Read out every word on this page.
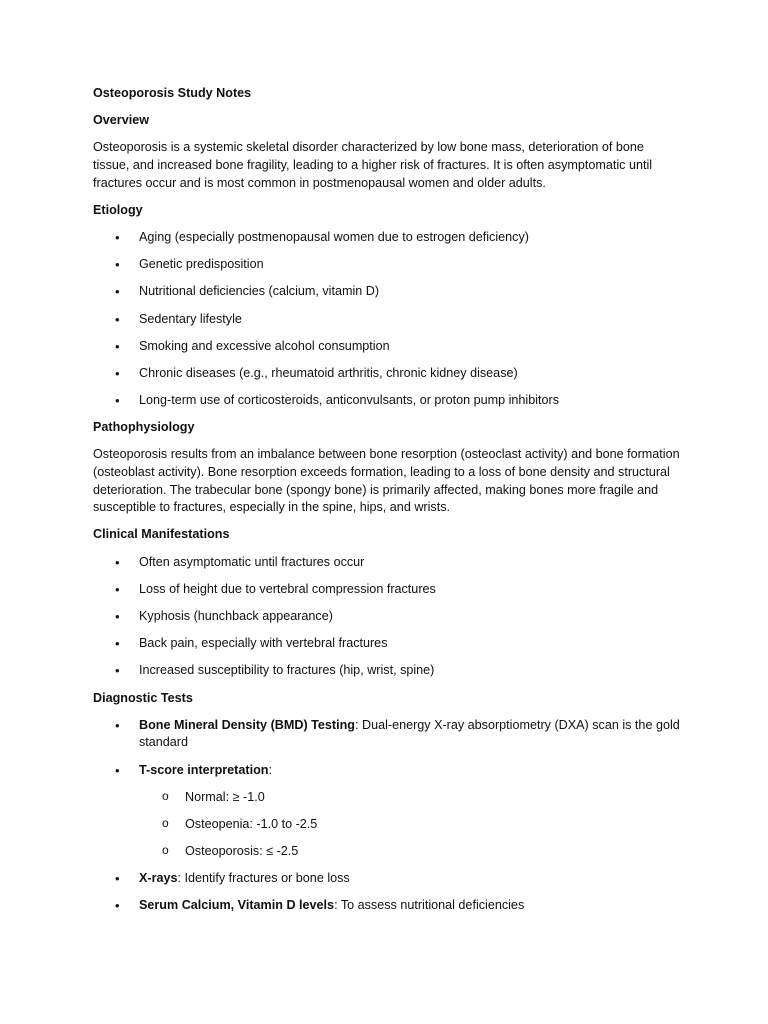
Osteoporosis Study Notes
Overview
Osteoporosis is a systemic skeletal disorder characterized by low bone mass, deterioration of bone tissue, and increased bone fragility, leading to a higher risk of fractures. It is often asymptomatic until fractures occur and is most common in postmenopausal women and older adults.
Etiology
• Aging (especially postmenopausal women due to estrogen deficiency)
• Genetic predisposition
• Nutritional deficiencies (calcium, vitamin D)
• Sedentary lifestyle
• Smoking and excessive alcohol consumption
• Chronic diseases (e.g., rheumatoid arthritis, chronic kidney disease)
• Long-term use of corticosteroids, anticonvulsants, or proton pump inhibitors
Pathophysiology
Osteoporosis results from an imbalance between bone resorption (osteoclast activity) and bone formation (osteoblast activity). Bone resorption exceeds formation, leading to a loss of bone density and structural deterioration. The trabecular bone (spongy bone) is primarily affected, making bones more fragile and susceptible to fractures, especially in the spine, hips, and wrists.
Clinical Manifestations
• Often asymptomatic until fractures occur
• Loss of height due to vertebral compression fractures
• Kyphosis (hunchback appearance)
• Back pain, especially with vertebral fractures
• Increased susceptibility to fractures (hip, wrist, spine)
Diagnostic Tests
• Bone Mineral Density (BMD) Testing: Dual-energy X-ray absorptiometry (DXA) scan is the gold standard
• T-score interpretation:
o Normal: ≥ -1.0
o Osteopenia: -1.0 to -2.5
o Osteoporosis: ≤ -2.5
• X-rays: Identify fractures or bone loss
• Serum Calcium, Vitamin D levels: To assess nutritional deficiencies
